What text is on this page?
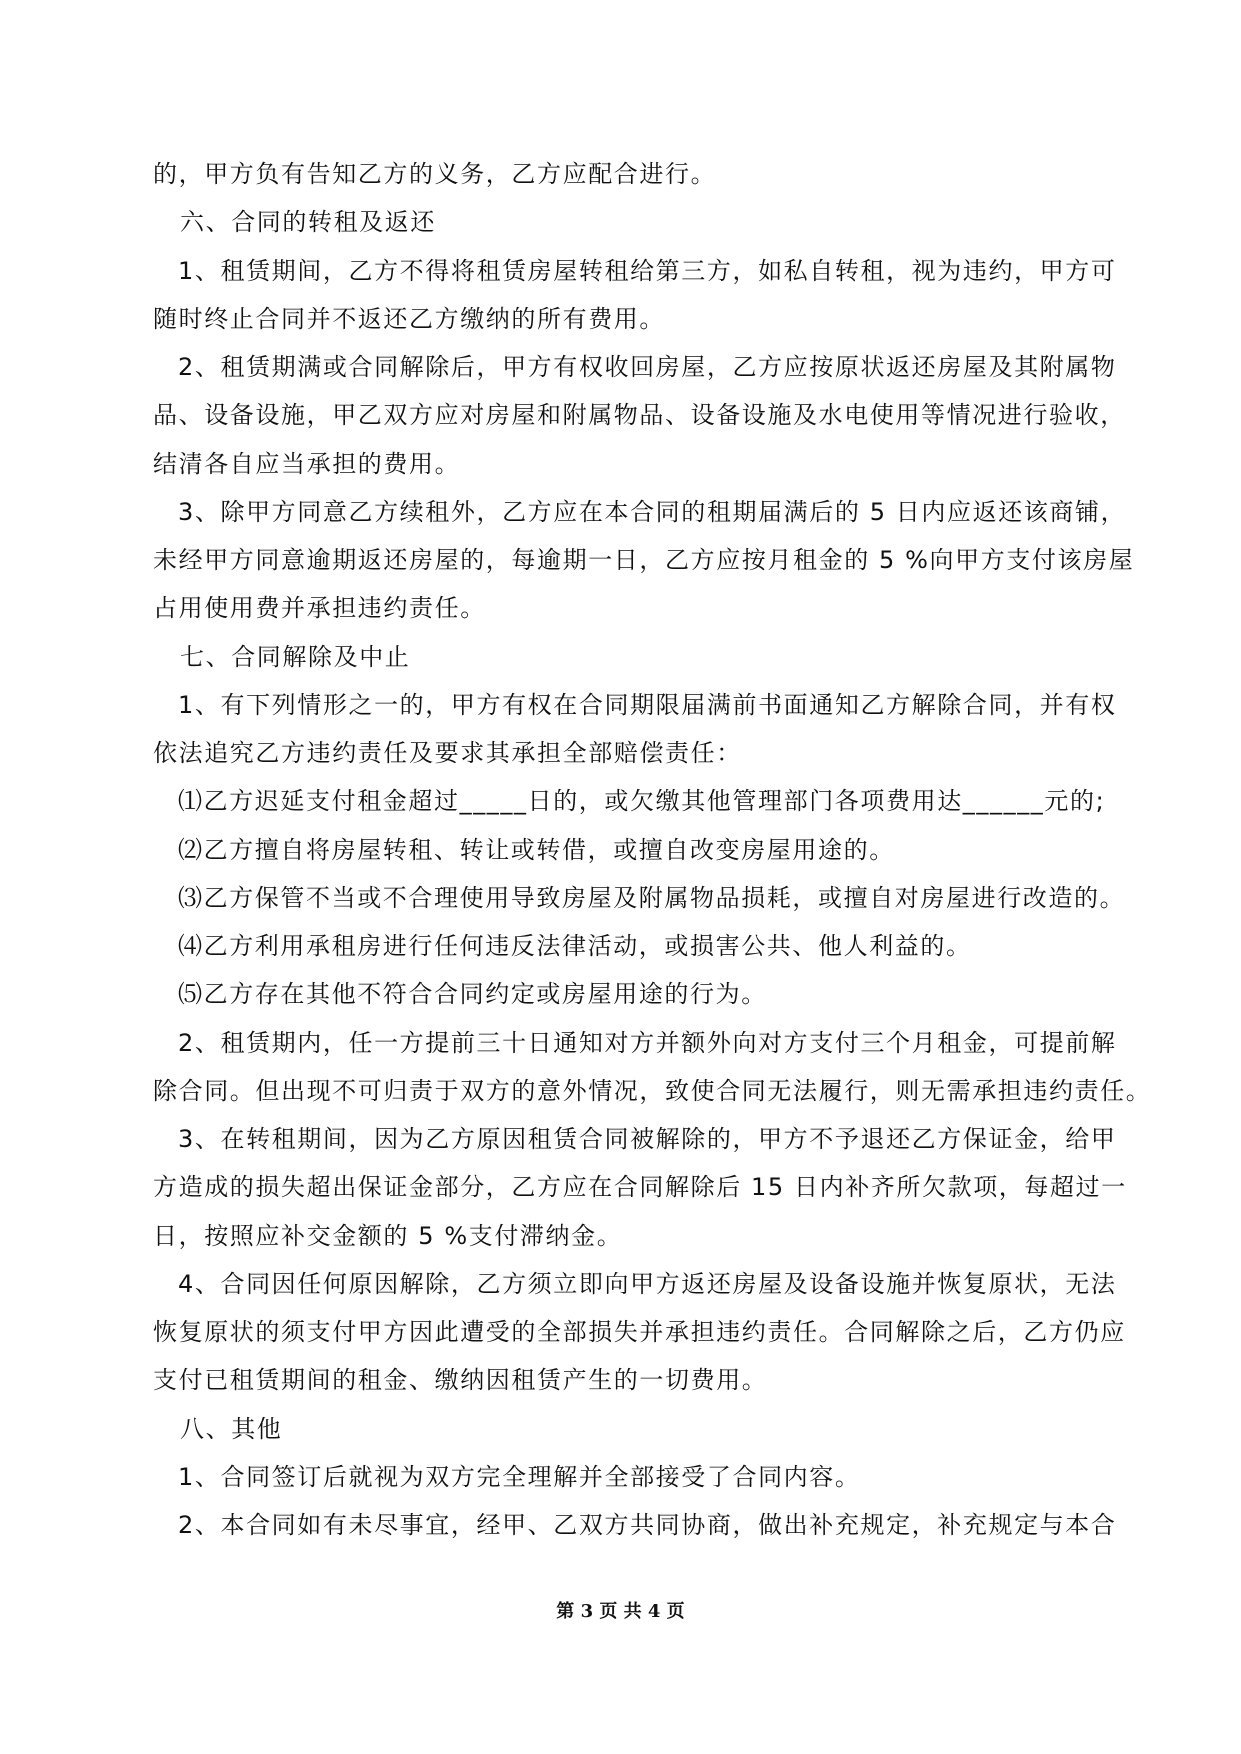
的，甲方负有告知乙方的义务，乙方应配合进行。
六、合同的转租及返还
1、租赁期间，乙方不得将租赁房屋转租给第三方，如私自转租，视为违约，甲方可
随时终止合同并不返还乙方缴纳的所有费用。
2、租赁期满或合同解除后，甲方有权收回房屋，乙方应按原状返还房屋及其附属物
品、设备设施，甲乙双方应对房屋和附属物品、设备设施及水电使用等情况进行验收，
结清各自应当承担的费用。
3、除甲方同意乙方续租外，乙方应在本合同的租期届满后的 5 日内应返还该商铺，
未经甲方同意逾期返还房屋的，每逾期一日，乙方应按月租金的 5 %向甲方支付该房屋
占用使用费并承担违约责任。
七、合同解除及中止
1、有下列情形之一的，甲方有权在合同期限届满前书面通知乙方解除合同，并有权
依法追究乙方违约责任及要求其承担全部赔偿责任：
⑴乙方迟延支付租金超过_____日的，或欠缴其他管理部门各项费用达______元的;
⑵乙方擅自将房屋转租、转让或转借，或擅自改变房屋用途的。
⑶乙方保管不当或不合理使用导致房屋及附属物品损耗，或擅自对房屋进行改造的。
⑷乙方利用承租房进行任何违反法律活动，或损害公共、他人利益的。
⑸乙方存在其他不符合合同约定或房屋用途的行为。
2、租赁期内，任一方提前三十日通知对方并额外向对方支付三个月租金，可提前解
除合同。但出现不可归责于双方的意外情况，致使合同无法履行，则无需承担违约责任。
3、在转租期间，因为乙方原因租赁合同被解除的，甲方不予退还乙方保证金，给甲
方造成的损失超出保证金部分，乙方应在合同解除后 15 日内补齐所欠款项，每超过一
日，按照应补交金额的 5 %支付滞纳金。
4、合同因任何原因解除，乙方须立即向甲方返还房屋及设备设施并恢复原状，无法
恢复原状的须支付甲方因此遭受的全部损失并承担违约责任。合同解除之后，乙方仍应
支付已租赁期间的租金、缴纳因租赁产生的一切费用。
八、其他
1、合同签订后就视为双方完全理解并全部接受了合同内容。
2、本合同如有未尽事宜，经甲、乙双方共同协商，做出补充规定，补充规定与本合
第 3 页 共 4 页
